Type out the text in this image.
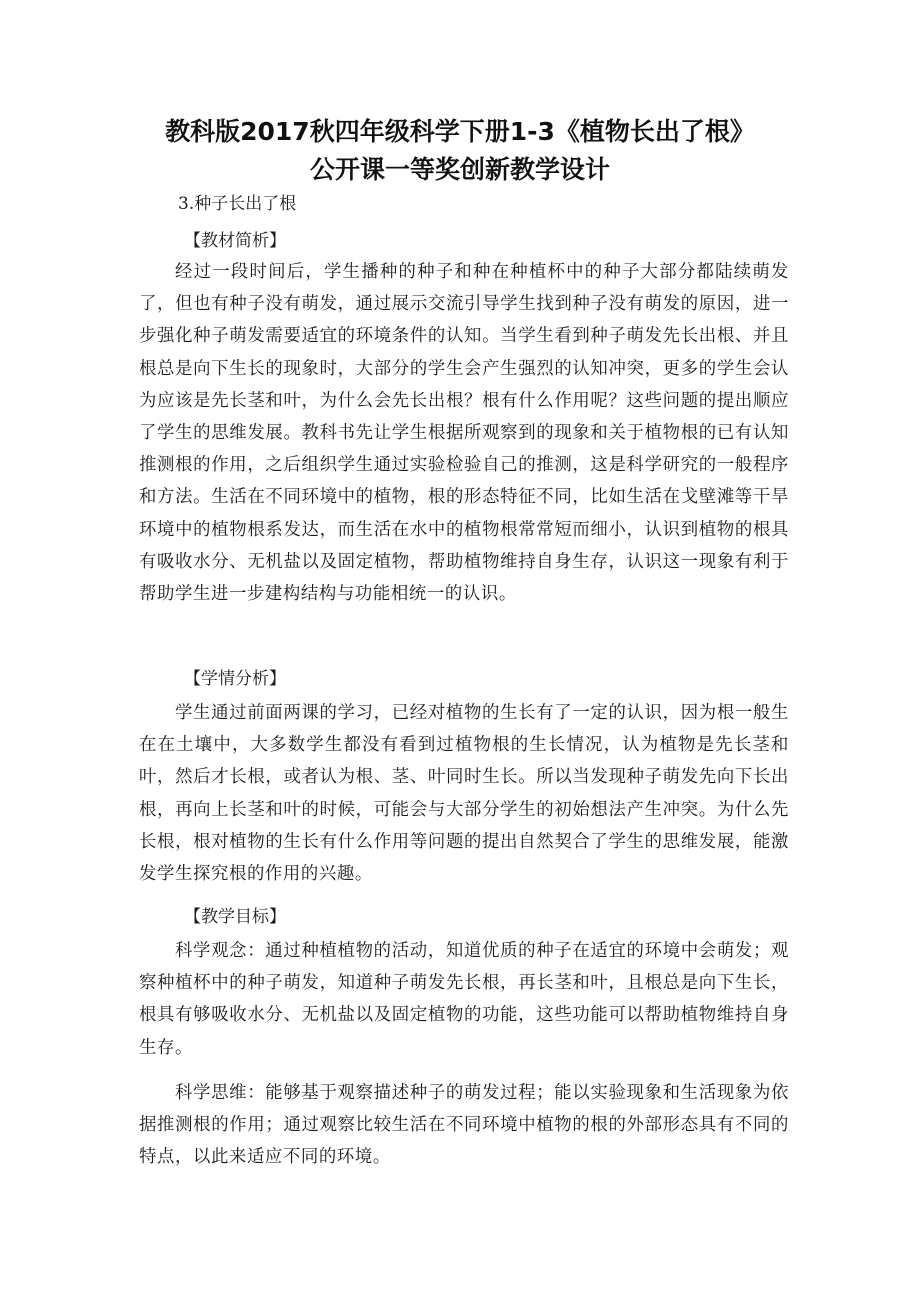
教科版2017秋四年级科学下册1-3《植物长出了根》
公开课一等奖创新教学设计
3.种子长出了根
【教材简析】

经过一段时间后，学生播种的种子和种在种植杯中的种子大部分都陆续萌发了，但也有种子没有萌发，通过展示交流引导学生找到种子没有萌发的原因，进一步强化种子萌发需要适宜的环境条件的认知。当学生看到种子萌发先长出根、并且根总是向下生长的现象时，大部分的学生会产生强烈的认知冲突，更多的学生会认为应该是先长茎和叶，为什么会先长出根？根有什么作用呢？这些问题的提出顺应了学生的思维发展。教科书先让学生根据所观察到的现象和关于植物根的已有认知推测根的作用，之后组织学生通过实验检验自己的推测，这是科学研究的一般程序和方法。生活在不同环境中的植物，根的形态特征不同，比如生活在戈壁滩等干旱环境中的植物根系发达，而生活在水中的植物根常常短而细小，认识到植物的根具有吸收水分、无机盐以及固定植物，帮助植物维持自身生存，认识这一现象有利于帮助学生进一步建构结构与功能相统一的认识。

【学情分析】

学生通过前面两课的学习，已经对植物的生长有了一定的认识，因为根一般生在在土壤中，大多数学生都没有看到过植物根的生长情况，认为植物是先长茎和叶，然后才长根，或者认为根、茎、叶同时生长。所以当发现种子萌发先向下长出根，再向上长茎和叶的时候，可能会与大部分学生的初始想法产生冲突。为什么先长根，根对植物的生长有什么作用等问题的提出自然契合了学生的思维发展，能激发学生探究根的作用的兴趣。

【教学目标】

科学观念：通过种植植物的活动，知道优质的种子在适宜的环境中会萌发；观察种植杯中的种子萌发，知道种子萌发先长根，再长茎和叶，且根总是向下生长，根具有够吸收水分、无机盐以及固定植物的功能，这些功能可以帮助植物维持自身生存。

科学思维：能够基于观察描述种子的萌发过程；能以实验现象和生活现象为依据推测根的作用；通过观察比较生活在不同环境中植物的根的外部形态具有不同的特点，以此来适应不同的环境。
